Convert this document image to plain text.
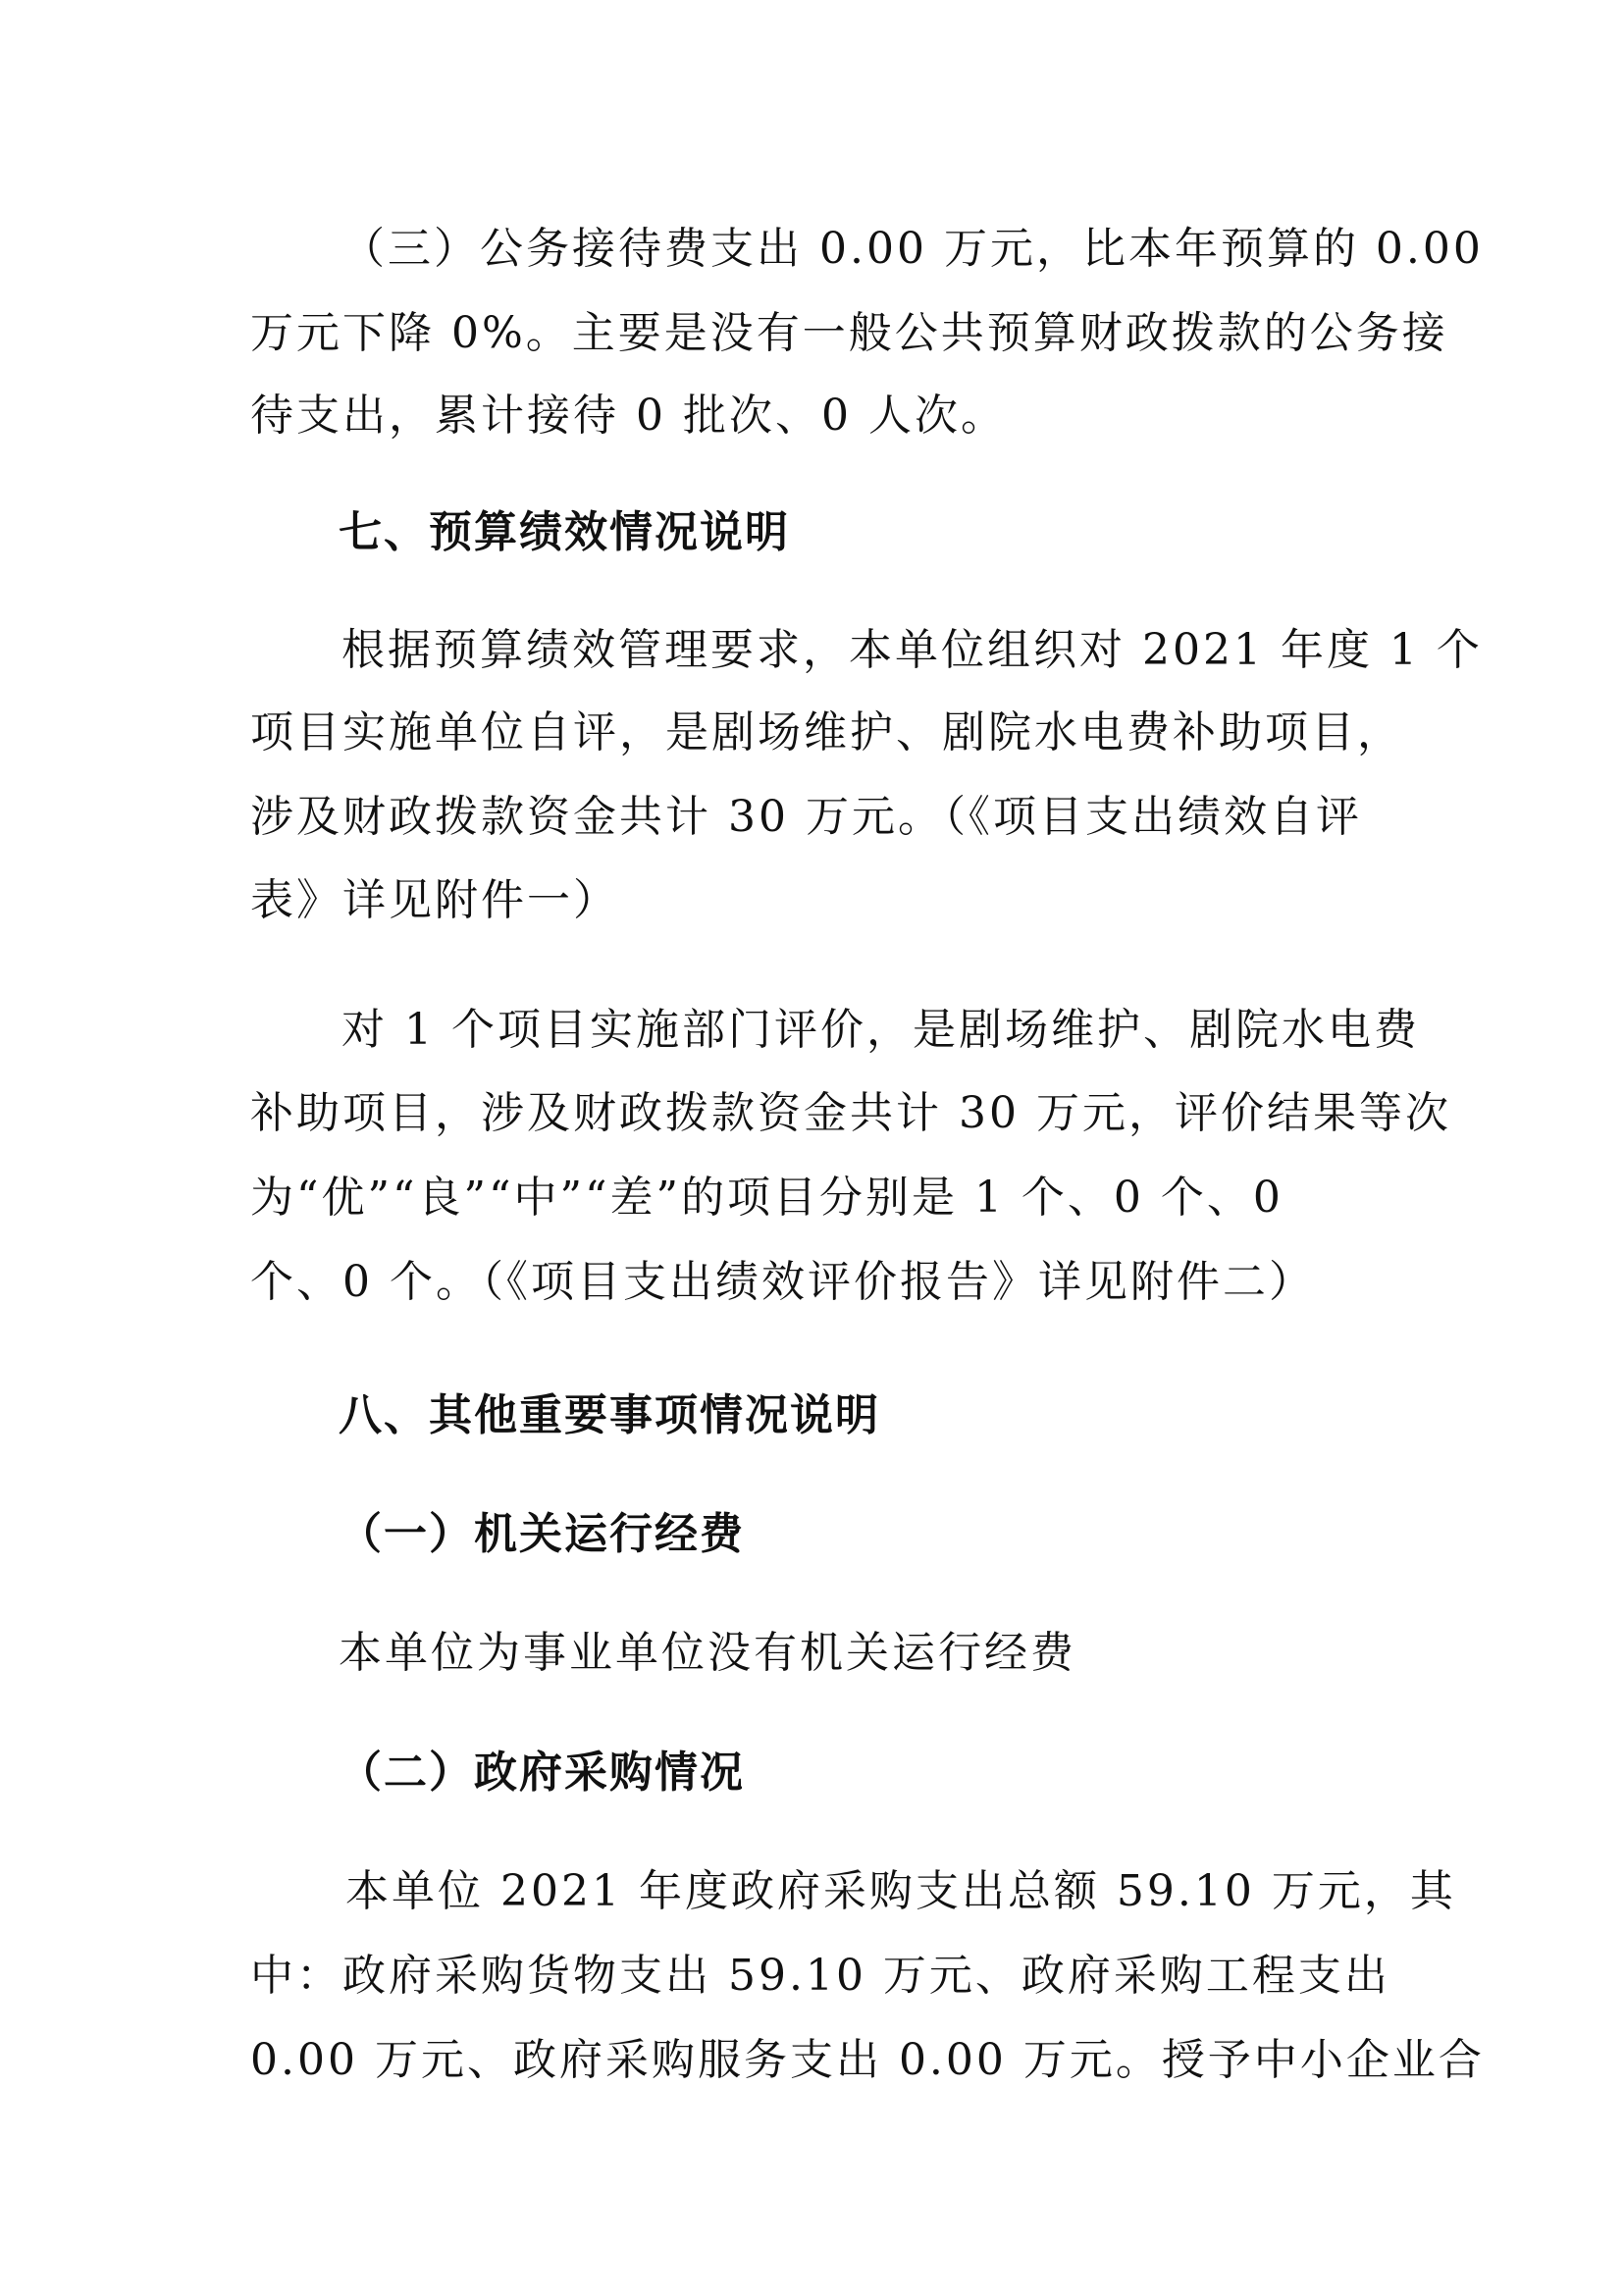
（三）公务接待费支出 0.00 万元，比本年预算的 0.00
万元下降 0%。主要是没有一般公共预算财政拨款的公务接
待支出，累计接待 0 批次、0 人次。
七、预算绩效情况说明
根据预算绩效管理要求，本单位组织对 2021 年度 1 个
项目实施单位自评，是剧场维护、剧院水电费补助项目，
涉及财政拨款资金共计 30 万元。（《项目支出绩效自评
表》详见附件一）
对 1 个项目实施部门评价，是剧场维护、剧院水电费
补助项目，涉及财政拨款资金共计 30 万元，评价结果等次
为“优”“良”“中”“差”的项目分别是 1 个、0 个、0
个、0 个。（《项目支出绩效评价报告》详见附件二）
八、其他重要事项情况说明
（一）机关运行经费
本单位为事业单位没有机关运行经费
（二）政府采购情况
本单位 2021 年度政府采购支出总额 59.10 万元，其
中：政府采购货物支出 59.10 万元、政府采购工程支出
0.00 万元、政府采购服务支出 0.00 万元。授予中小企业合
